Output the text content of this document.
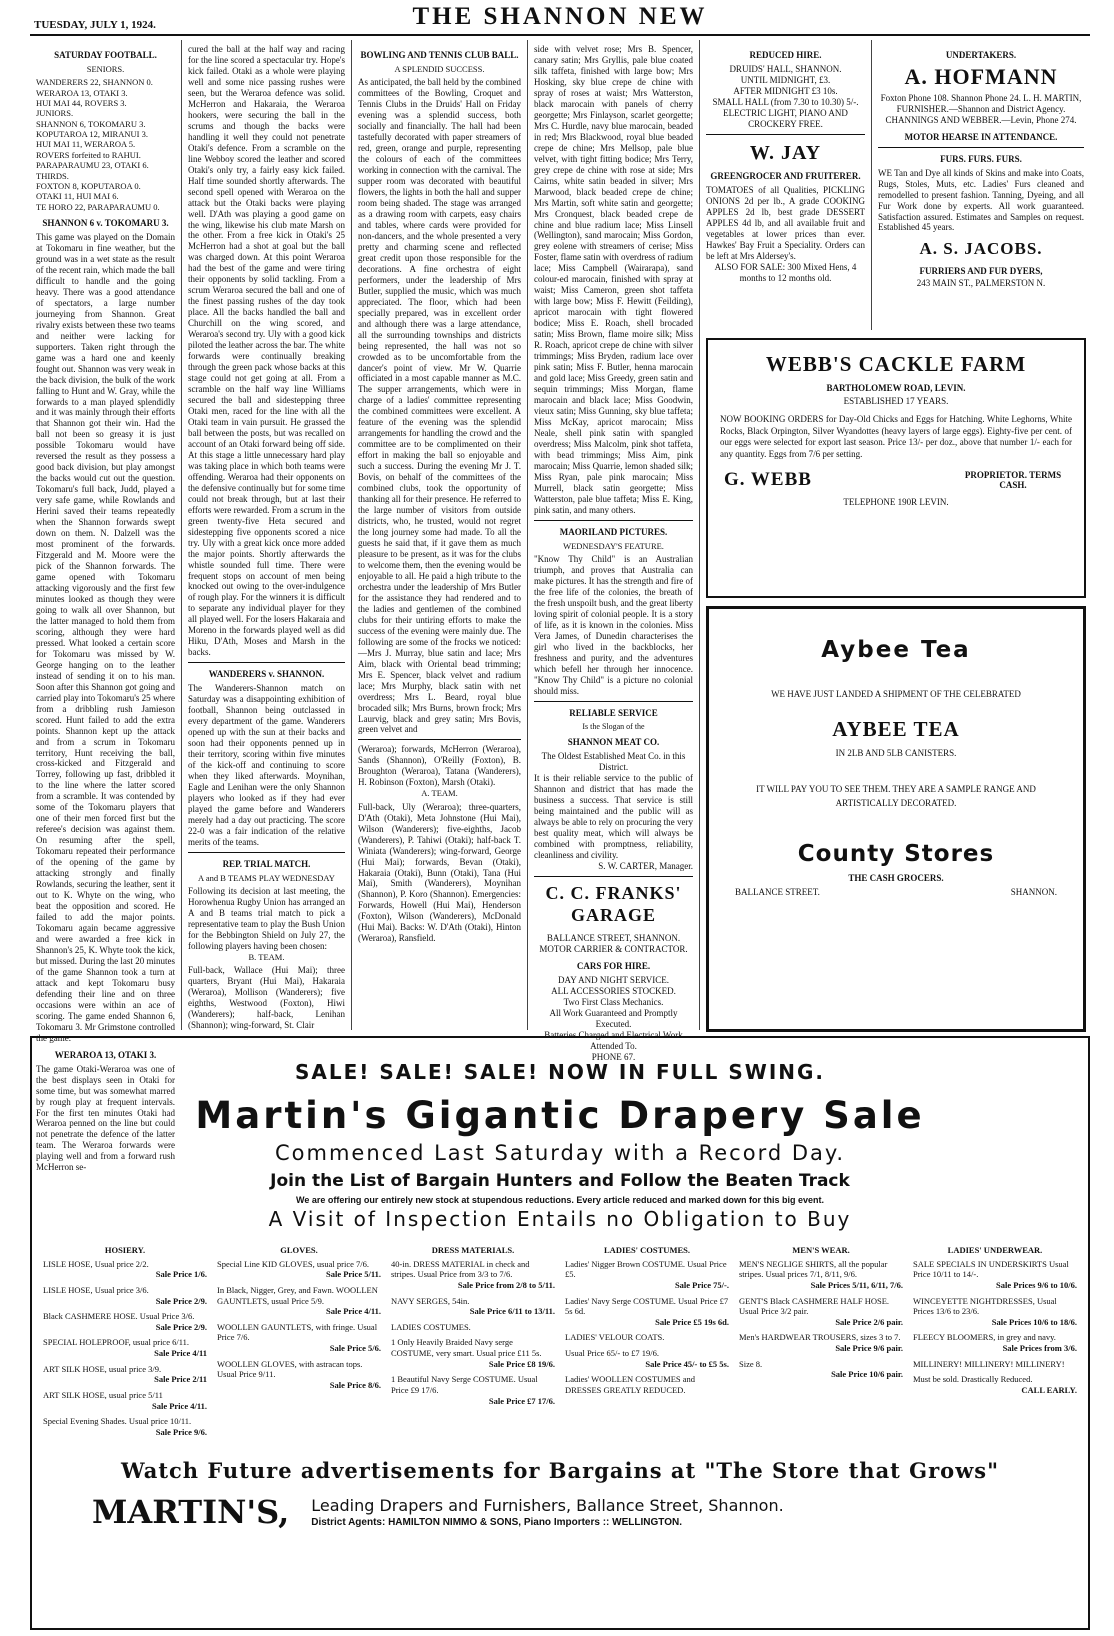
TUESDAY, JULY 1, 1924.	THE SHANNON NEW
SATURDAY FOOTBALL.
SENIORS.
WANDERERS 22, SHANNON 0.
WERAROA 13, OTAKI 3.
HUI MAI 44, ROVERS 3.
JUNIORS.
SHANNON 6, TOKOMARU 3.
KOPUTAROA 12, MIRANUI 3.
HUI MAI 11, WERAROA 5.
ROVERS forfeited to RAHUI.
PARAPARAUMU 23, OTAKI 6.
THIRDS.
FOXTON 8, KOPUTAROA 0.
OTAKI 11, HUI MAI 6.
TE HORO 22, PARAPARAUMU 0.
SHANNON 6 v. TOKOMARU 3.

This game was played on the Domain at Tokomaru in fine weather, but the ground was in a wet state as the result of the recent rain, which made the ball difficult to handle and the going heavy. There was a good attendance of spectators, a large number journeying from Shannon. Great rivalry exists between these two teams and neither were lacking for supporters. Taken right through the game was a hard one and keenly fought out. Shannon was very weak in the back division, the bulk of the work falling to Hunt and W. Gray, while the forwards to a man played splendidly and it was mainly through their efforts that Shannon got their win. Had the ball not been so greasy it is just possible Tokomaru would have reversed the result as they possess a good back division, but play amongst the backs would cut out the question. Tokomaru's full back, Judd, played a very safe game, while Rowlands and Herini saved their teams repeatedly when the Shannon forwards swept down on them. N. Dalzell was the most prominent of the forwards. Fitzgerald and M. Moore were the pick of the Shannon forwards. The game opened with Tokomaru attacking vigorously and the first few minutes looked as though they were going to walk all over Shannon, but the latter managed to hold them from scoring, although they were hard pressed. What looked a certain score for Tokomaru was missed by W. George hanging on to the leather instead of sending it on to his man. Soon after this Shannon got going and carried play into Tokomaru's 25 where from a dribbling rush Jamieson scored. Hunt failed to add the extra points. Shannon kept up the attack and from a scrum in Tokomaru territory, Hunt receiving the ball, cross-kicked and Fitzgerald and Torrey, following up fast, dribbled it to the line where the latter scored from a scramble. It was contended by some of the Tokomaru players that one of their men forced first but the referee's decision was against them. On resuming after the spell, Tokomaru repeated their performance of the opening of the game by attacking strongly and finally Rowlands, securing the leather, sent it out to K. Whyte on the wing, who beat the opposition and scored. He failed to add the major points. Tokomaru again became aggressive and were awarded a free kick in Shannon's 25, K. Whyte took the kick, but missed. During the last 20 minutes of the game Shannon took a turn at attack and kept Tokomaru busy defending their line and on three occasions were within an ace of scoring. The game ended Shannon 6, Tokomaru 3. Mr Grimstone controlled the game.

WERAROA 13, OTAKI 3.

The game Otaki-Weraroa was one of the best displays seen in Otaki for some time, but was somewhat marred by rough play at frequent intervals. For the first ten minutes Otaki had Weraroa penned on the line but could not penetrate the defence of the latter team. The Weraroa forwards were playing well and from a forward rush McHerron se-

cured the ball at the half way and racing for the line scored a spectacular try. Hope's kick failed. Otaki as a whole were playing well and some nice passing rushes were seen, but the Weraroa defence was solid. McHerron and Hakaraia, the Weraroa hookers, were securing the ball in the scrums and though the backs were handling it well they could not penetrate Otaki's defence. From a scramble on the line Webboy scored the leather and scored Otaki's only try, a fairly easy kick failed. Half time sounded shortly afterwards. The second spell opened with Weraroa on the attack but the Otaki backs were playing well. D'Ath was playing a good game on the wing, likewise his club mate Marsh on the other. From a free kick in Otaki's 25 McHerron had a shot at goal but the ball was charged down. At this point Weraroa had the best of the game and were tiring their opponents by solid tackling. From a scrum Weraroa secured the ball and one of the finest passing rushes of the day took place. All the backs handled the ball and Churchill on the wing scored, and Weraroa's second try. Uly with a good kick piloted the leather across the bar. The white forwards were continually breaking through the green pack whose backs at this stage could not get going at all. From a scramble on the half way line Williams secured the ball and sidestepping three Otaki men, raced for the line with all the Otaki team in vain pursuit. He grassed the ball between the posts, but was recalled on account of an Otaki forward being off side. At this stage a little unnecessary hard play was taking place in which both teams were offending. Weraroa had their opponents on the defensive continually but for some time could not break through, but at last their efforts were rewarded. From a scrum in the green twenty-five Heta secured and sidestepping five opponents scored a nice try. Uly with a great kick once more added the major points. Shortly afterwards the whistle sounded full time. There were frequent stops on account of men being knocked out owing to the over-indulgence of rough play. For the winners it is difficult to separate any individual player for they all played well. For the losers Hakaraia and Moreno in the forwards played well as did Hiku, D'Ath, Moses and Marsh in the backs.

WANDERERS v. SHANNON.

The Wanderers-Shannon match on Saturday was a disappointing exhibition of football, Shannon being outclassed in every department of the game. Wanderers opened up with the sun at their backs and soon had their opponents penned up in their territory, scoring within five minutes of the kick-off and continuing to score when they liked afterwards. Moynihan, Eagle and Lenihan were the only Shannon players who looked as if they had ever played the game before and Wanderers merely had a day out practicing. The score 22-0 was a fair indication of the relative merits of the teams.

REP. TRIAL MATCH.
A and B TEAMS PLAY WEDNESDAY

Following its decision at last meeting, the Horowhenua Rugby Union has arranged an A and B teams trial match to pick a representative team to play the Bush Union for the Bebbington Shield on July 27, the following players having been chosen:

B. TEAM.

Full-back, Wallace (Hui Mai); three quarters, Bryant (Hui Mai), Hakaraia (Weraroa), Mollison (Wanderers); five eighths, Westwood (Foxton), Hiwi (Wanderers); half-back, Lenihan (Shannon); wing-forward, St. Clair

BOWLING AND TENNIS CLUB BALL.
A SPLENDID SUCCESS.

As anticipated, the ball held by the combined committees of the Bowling, Croquet and Tennis Clubs in the Druids' Hall on Friday evening was a splendid success, both socially and financially. The hall had been tastefully decorated with paper streamers of red, green, orange and purple, representing the colours of each of the committees working in connection with the carnival. The supper room was decorated with beautiful flowers, the lights in both the hall and supper room being shaded. The stage was arranged as a drawing room with carpets, easy chairs and tables, where cards were provided for non-dancers, and the whole presented a very pretty and charming scene and reflected great credit upon those responsible for the decorations. A fine orchestra of eight performers, under the leadership of Mrs Butler, supplied the music, which was much appreciated. The floor, which had been specially prepared, was in excellent order and although there was a large attendance, all the surrounding townships and districts being represented, the hall was not so crowded as to be uncomfortable from the dancer's point of view. Mr W. Quarrie officiated in a most capable manner as M.C. The supper arrangements, which were in charge of a ladies' committee representing the combined committees were excellent. A feature of the evening was the splendid arrangements for handling the crowd and the committee are to be complimented on their effort in making the ball so enjoyable and such a success. During the evening Mr J. T. Bovis, on behalf of the committees of the combined clubs, took the opportunity of thanking all for their presence. He referred to the large number of visitors from outside districts, who, he trusted, would not regret the long journey some had made. To all the guests he said that, if it gave them as much pleasure to be present, as it was for the clubs to welcome them, then the evening would be enjoyable to all. He paid a high tribute to the orchestra under the leadership of Mrs Butler for the assistance they had rendered and to the ladies and gentlemen of the combined clubs for their untiring efforts to make the success of the evening were mainly due. The following are some of the frocks we noticed:—Mrs J. Murray, blue satin and lace; Mrs Aim, black with Oriental bead trimming; Mrs E. Spencer, black velvet and radium lace; Mrs Murphy, black satin with net overdress; Mrs L. Beard, royal blue brocaded silk; Mrs Burns, brown frock; Mrs Laurvig, black and grey satin; Mrs Bovis, green velvet and

(Weraroa); forwards, McHerron (Weraroa), Sands (Shannon), O'Reilly (Foxton), B. Broughton (Weraroa), Tatana (Wanderers), H. Robinson (Foxton), Marsh (Otaki).

A. TEAM.

Full-back, Uly (Weraroa); three-quarters, D'Ath (Otaki), Meta Johnstone (Hui Mai), Wilson (Wanderers); five-eighths, Jacob (Wanderers), P. Tahiwi (Otaki); half-back T. Winiata (Wanderers); wing-forward, George (Hui Mai); forwards, Bevan (Otaki), Hakaraia (Otaki), Bunn (Otaki), Tana (Hui Mai), Smith (Wanderers), Moynihan (Shannon), P. Koro (Shannon). Emergencies: Forwards, Howell (Hui Mai), Henderson (Foxton), Wilson (Wanderers), McDonald (Hui Mai). Backs: W. D'Ath (Otaki), Hinton (Weraroa), Ransfield.

side with velvet rose; Mrs B. Spencer, canary satin; Mrs Gryllis, pale blue coated silk taffeta, finished with large bow; Mrs Hosking, sky blue crepe de chine with spray of roses at waist; Mrs Watterston, black marocain with panels of cherry georgette; Mrs Finlayson, scarlet georgette; Mrs C. Hurdle, navy blue marocain, beaded in red; Mrs Blackwood, royal blue beaded crepe de chine; Mrs Mellsop, pale blue velvet, with tight fitting bodice; Mrs Terry, grey crepe de chine with rose at side; Mrs Cairns, white satin beaded in silver; Mrs Marwood, black beaded crepe de chine; Mrs Martin, soft white satin and georgette; Mrs Cronquest, black beaded crepe de chine and blue radium lace; Miss Linsell (Wellington), sand marocain; Miss Gordon, grey eolene with streamers of cerise; Miss Foster, flame satin with overdress of radium lace; Miss Campbell (Wairarapa), sand colour-ed marocain, finished with spray at waist; Miss Cameron, green shot taffeta with large bow; Miss F. Hewitt (Feilding), apricot marocain with tight flowered bodice; Miss E. Roach, shell brocaded satin; Miss Brown, flame moire silk; Miss R. Roach, apricot crepe de chine with silver trimmings; Miss Bryden, radium lace over pink satin; Miss F. Butler, henna marocain and gold lace; Miss Greedy, green satin and sequin trimmings; Miss Morgan, flame marocain and black lace; Miss Goodwin, vieux satin; Miss Gunning, sky blue taffeta; Miss McKay, apricot marocain; Miss Neale, shell pink satin with spangled overdress; Miss Malcolm, pink shot taffeta, with bead trimmings; Miss Aim, pink marocain; Miss Quarrie, lemon shaded silk; Miss Ryan, pale pink marocain; Miss Murrell, black satin georgette; Miss Watterston, pale blue taffeta; Miss E. King, pink satin, and many others.

MAORILAND PICTURES.
WEDNESDAY'S FEATURE.

"Know Thy Child" is an Australian triumph, and proves that Australia can make pictures. It has the strength and fire of the free life of the colonies, the breath of the fresh unspoilt bush, and the great liberty loving spirit of colonial people. It is a story of life, as it is known in the colonies. Miss Vera James, of Dunedin characterises the girl who lived in the backblocks, her freshness and purity, and the adventures which befell her through her innocence. "Know Thy Child" is a picture no colonial should miss.

RELIABLE SERVICE
Is the Slogan of the
SHANNON MEAT CO.

The Oldest Established Meat Co. in this District.

It is their reliable service to the public of Shannon and district that has made the business a success. That service is still being maintained and the public will as always be able to rely on procuring the very best quality meat, which will always be combined with promptness, reliability, cleanliness and civility.

S. W. CARTER, Manager.

C. C. FRANKS' GARAGE
BALLANCE STREET, SHANNON.
MOTOR CARRIER & CONTRACTOR.
CARS FOR HIRE.
DAY AND NIGHT SERVICE.
ALL ACCESSORIES STOCKED.
Two First Class Mechanics.
All Work Guaranteed and Promptly Executed.
Batteries Charged and Electrical Work Attended To.
PHONE 67.
REDUCED HIRE.
DRUIDS' HALL, SHANNON.
UNTIL MIDNIGHT, £3.
AFTER MIDNIGHT £3 10s.
SMALL HALL (from 7.30 to 10.30) 5/-.
ELECTRIC LIGHT, PIANO AND CROCKERY FREE.
W. JAY
GREENGROCER AND FRUITERER.

TOMATOES of all Qualities, PICKLING ONIONS 2d per lb., A grade COOKING APPLES 2d lb, best grade DESSERT APPLES 4d lb, and all available fruit and vegetables at lower prices than ever. Hawkes' Bay Fruit a Speciality. Orders can be left at Mrs Aldersey's.

ALSO FOR SALE: 300 Mixed Hens, 4 months to 12 months old.

UNDERTAKERS.
A. HOFMANN

Foxton Phone 108. Shannon Phone 24. L. H. MARTIN, FURNISHER.—Shannon and District Agency. CHANNINGS AND WEBBER.—Levin, Phone 274.

MOTOR HEARSE IN ATTENDANCE.
FURS. FURS. FURS.

WE Tan and Dye all kinds of Skins and make into Coats, Rugs, Stoles, Muts, etc. Ladies' Furs cleaned and remodelled to present fashion. Tanning, Dyeing, and all Fur Work done by experts. All work guaranteed. Satisfaction assured. Estimates and Samples on request. Established 45 years.

A. S. JACOBS.
FURRIERS AND FUR DYERS,
243 MAIN ST., PALMERSTON N.
WEBB'S CACKLE FARM
BARTHOLOMEW ROAD, LEVIN.
ESTABLISHED 17 YEARS.

NOW BOOKING ORDERS for Day-Old Chicks and Eggs for Hatching. White Leghorns, White Rocks, Black Orpington, Silver Wyandottes (heavy layers of large eggs). Eighty-five per cent. of our eggs were selected for export last season. Price 13/- per doz., above that number 1/- each for any quantity. Eggs from 7/6 per setting.

G. WEBB	PROPRIETOR. TERMS CASH.
TELEPHONE 190R LEVIN.
Aybee Tea
WE HAVE JUST LANDED A SHIPMENT OF THE CELEBRATED
AYBEE TEA
IN 2LB AND 5LB CANISTERS.
IT WILL PAY YOU TO SEE THEM. THEY ARE A SAMPLE RANGE AND ARTISTICALLY DECORATED.
County Stores
THE CASH GROCERS.
BALLANCE STREET.	SHANNON.
SALE! SALE! SALE! NOW IN FULL SWING.
Martin's Gigantic Drapery Sale
Commenced Last Saturday with a Record Day.
Join the List of Bargain Hunters and Follow the Beaten Track
We are offering our entirely new stock at stupendous reductions. Every article reduced and marked down for this big event.
A Visit of Inspection Entails no Obligation to Buy
HOSIERY.
LISLE HOSE, Usual price 2/2.
Sale Price 1/6.
LISLE HOSE, Usual price 3/6.
Sale Price 2/9.
Black CASHMERE HOSE. Usual Price 3/6.
Sale Price 2/9.
SPECIAL HOLEPROOF, usual price 6/11.
Sale Price 4/11
ART SILK HOSE, usual price 3/9.
Sale Price 2/11
ART SILK HOSE, usual price 5/11
Sale Price 4/11.
Special Evening Shades. Usual price 10/11.
Sale Price 9/6.
GLOVES.
Special Line KID GLOVES, usual price 7/6.
Sale Price 5/11.
In Black, Nigger, Grey, and Fawn. WOOLLEN GAUNTLETS, usual Price 5/9.
Sale Price 4/11.
WOOLLEN GAUNTLETS, with fringe. Usual Price 7/6.
Sale Price 5/6.
WOOLLEN GLOVES, with astracan tops. Usual Price 9/11.
Sale Price 8/6.
DRESS MATERIALS.
40-in. DRESS MATERIAL in check and stripes. Usual Price from 3/3 to 7/6.
Sale Price from 2/8 to 5/11.
NAVY SERGES, 54in.
Sale Price 6/11 to 13/11.
LADIES COSTUMES.
1 Only Heavily Braided Navy serge COSTUME, very smart. Usual price £11 5s.
Sale Price £8 19/6.
1 Beautiful Navy Serge COSTUME. Usual Price £9 17/6.
Sale Price £7 17/6.
LADIES' COSTUMES.
Ladies' Nigger Brown COSTUME. Usual Price £5.
Sale Price 75/-.
Ladies' Navy Serge COSTUME. Usual Price £7 5s 6d.
Sale Price £5 19s 6d.
LADIES' VELOUR COATS.
Usual Price 65/- to £7 19/6.
Sale Price 45/- to £5 5s.
Ladies' WOOLLEN COSTUMES and DRESSES GREATLY REDUCED.
MEN'S WEAR.
MEN'S NEGLIGE SHIRTS, all the popular stripes. Usual prices 7/1, 8/11, 9/6.
Sale Prices 5/11, 6/11, 7/6.
GENT'S Black CASHMERE HALF HOSE. Usual Price 3/2 pair.
Sale Price 2/6 pair.
Men's HARDWEAR TROUSERS, sizes 3 to 7.
Sale Price 9/6 pair.
Size 8.
Sale Price 10/6 pair.
LADIES' UNDERWEAR.
SALE SPECIALS IN UNDERSKIRTS Usual Price 10/11 to 14/-.
Sale Prices 9/6 to 10/6.
WINCEYETTE NIGHTDRESSES, Usual Prices 13/6 to 23/6.
Sale Prices 10/6 to 18/6.
FLEECY BLOOMERS, in grey and navy.
Sale Prices from 3/6.
MILLINERY! MILLINERY! MILLINERY!
Must be sold. Drastically Reduced.
CALL EARLY.
Watch Future advertisements for Bargains at "The Store that Grows"
MARTIN'S, Leading Drapers and Furnishers, Ballance Street, Shannon.
District Agents: HAMILTON NIMMO & SONS, Piano Importers :: WELLINGTON.
